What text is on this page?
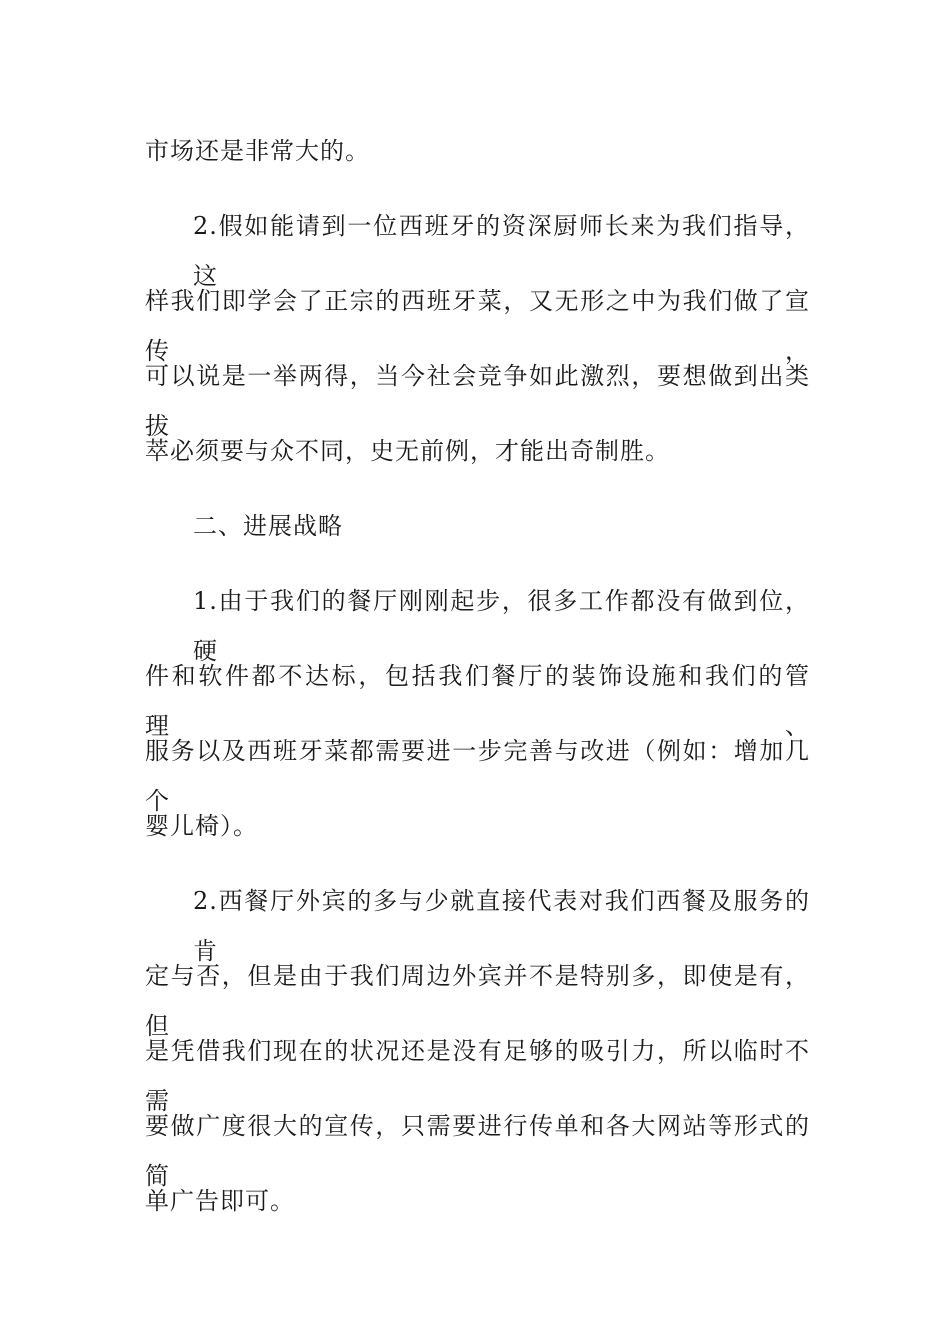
市场还是非常大的。
2.假如能请到一位西班牙的资深厨师长来为我们指导，这
样我们即学会了正宗的西班牙菜，又无形之中为我们做了宣传，
可以说是一举两得，当今社会竞争如此激烈，要想做到出类拔
萃必须要与众不同，史无前例，才能出奇制胜。
二、进展战略
1.由于我们的餐厅刚刚起步，很多工作都没有做到位，硬
件和软件都不达标，包括我们餐厅的装饰设施和我们的管理、
服务以及西班牙菜都需要进一步完善与改进（例如：增加几个
婴儿椅）。
2.西餐厅外宾的多与少就直接代表对我们西餐及服务的肯
定与否，但是由于我们周边外宾并不是特别多，即使是有，但
是凭借我们现在的状况还是没有足够的吸引力，所以临时不需
要做广度很大的宣传，只需要进行传单和各大网站等形式的简
单广告即可。
